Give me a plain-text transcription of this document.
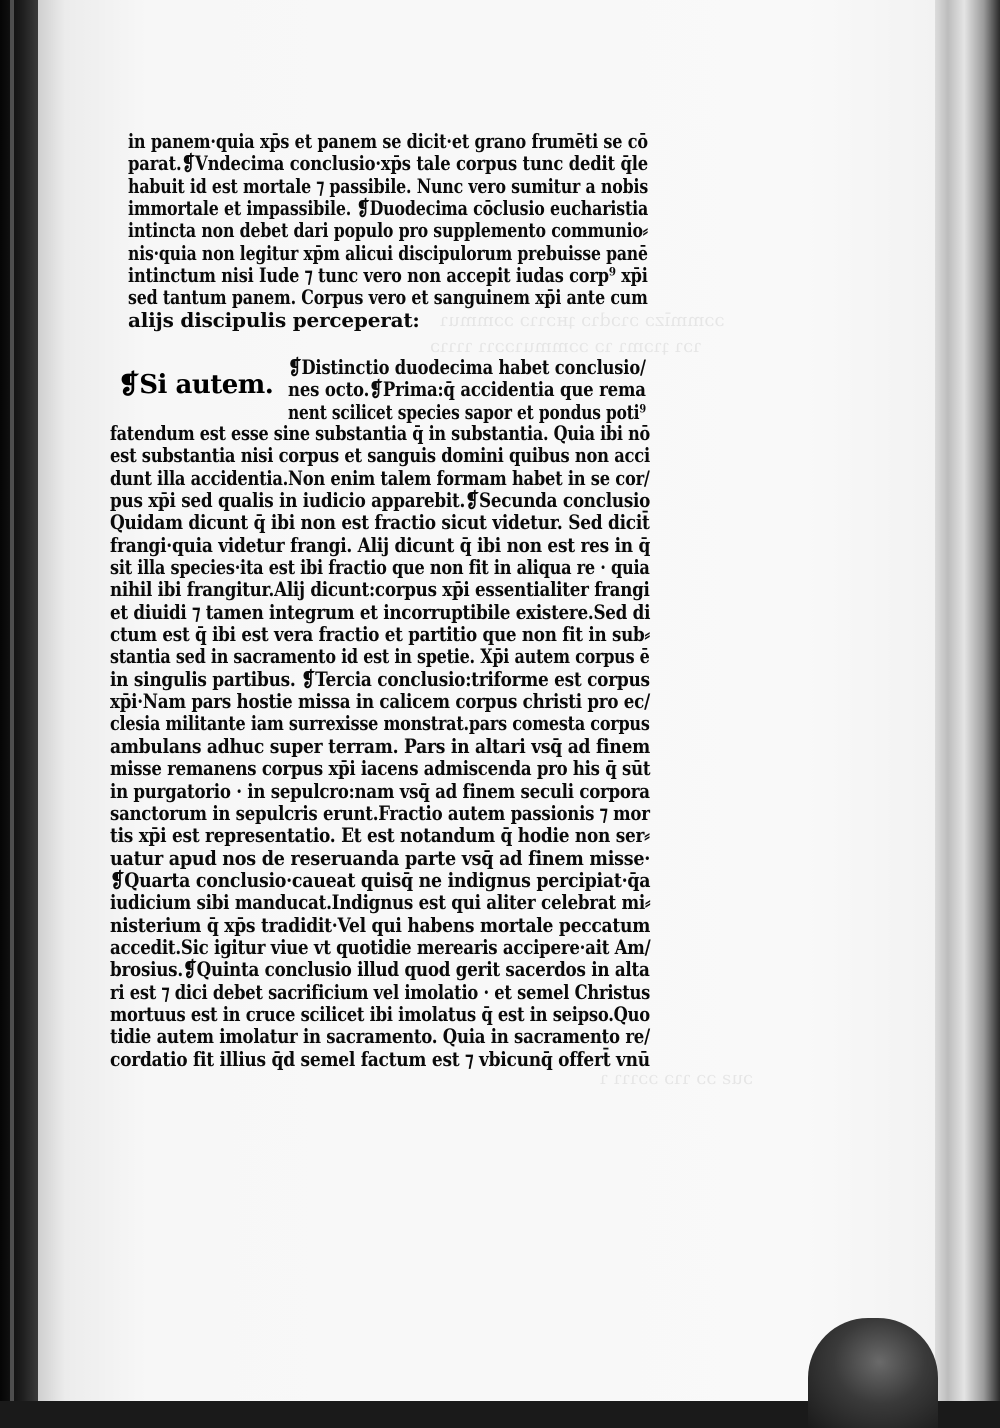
ɔɔmmīzɔ ɔɿɔdɿɔ ʇʜɔɿɿɔ ɔɔmmuɿ
ɿɔɿ ʇɿɔmɿ ɿɔ ɔɔmmuɿɔɔɿɿ ɿɿɿɿɔ
ɔuƨ ɔɔ ɿɿɔ ɔɔɿɿɿ ɿ
in panem·quia xp̄s et panem se dicit·et grano frumēti se cō
parat.❡Vndecima conclusio·xp̄s tale corpus tunc dedit q̄le
habuit id est mortale ⁊ passibile. Nunc vero sumitur a nobis
immortale et impassibile. ❡Duodecima cōclusio eucharistia
intincta non debet dari populo pro supplemento communio⸗
nis·quia non legitur xp̄m alicui discipulorum prebuisse panē
intinctum nisi Iude ⁊ tunc vero non accepit iudas corp⁹ xp̄i
sed tantum panem. Corpus vero et sanguinem xp̄i ante cum
alijs discipulis perceperat:
❡Si autem.
❡Distinctio duodecima habet conclusio/
nes octo.❡Prima:q̄ accidentia que rema
nent scilicet species sapor et pondus poti⁹
fatendum est esse sine substantia q̄ in substantia. Quia ibi nō
est substantia nisi corpus et sanguis domini quibus non acci
dunt illa accidentia.Non enim talem formam habet in se cor/
pus xp̄i sed qualis in iudicio apparebit.❡Secunda conclusio
Quidam dicunt q̄ ibi non est fractio sicut videtur. Sed dicit̄
frangi·quia videtur frangi. Alij dicunt q̄ ibi non est res in q̄
sit illa species·ita est ibi fractio que non fit in aliqua re · quia
nihil ibi frangitur.Alij dicunt:corpus xp̄i essentialiter frangi
et diuidi ⁊ tamen integrum et incorruptibile existere.Sed di
ctum est q̄ ibi est vera fractio et partitio que non fit in sub⸗
stantia sed in sacramento id est in spetie. Xp̄i autem corpus ē
in singulis partibus. ❡Tercia conclusio:triforme est corpus
xp̄i·Nam pars hostie missa in calicem corpus christi pro ec/
clesia militante iam surrexisse monstrat.pars comesta corpus
ambulans adhuc super terram. Pars in altari vsq̄ ad finem
misse remanens corpus xp̄i iacens admiscenda pro his q̄ sūt
in purgatorio · in sepulcro:nam vsq̄ ad finem seculi corpora
sanctorum in sepulcris erunt.Fractio autem passionis ⁊ mor
tis xp̄i est representatio. Et est notandum q̄ hodie non ser⸗
uatur apud nos de reseruanda parte vsq̄ ad finem misse·
❡Quarta conclusio·caueat quisq̄ ne indignus percipiat·q̄a
iudicium sibi manducat.Indignus est qui aliter celebrat mi⸗
nisterium q̄ xp̄s tradidit·Vel qui habens mortale peccatum
accedit.Sic igitur viue vt quotidie merearis accipere·ait Am/
brosius.❡Quinta conclusio illud quod gerit sacerdos in alta
ri est ⁊ dici debet sacrificium vel imolatio · et semel Christus
mortuus est in cruce scilicet ibi imolatus q̄ est in seipso.Quo
tidie autem imolatur in sacramento. Quia in sacramento re/
cordatio fit illius q̄d semel factum est ⁊ vbicunq̄ offert̄ vnū
